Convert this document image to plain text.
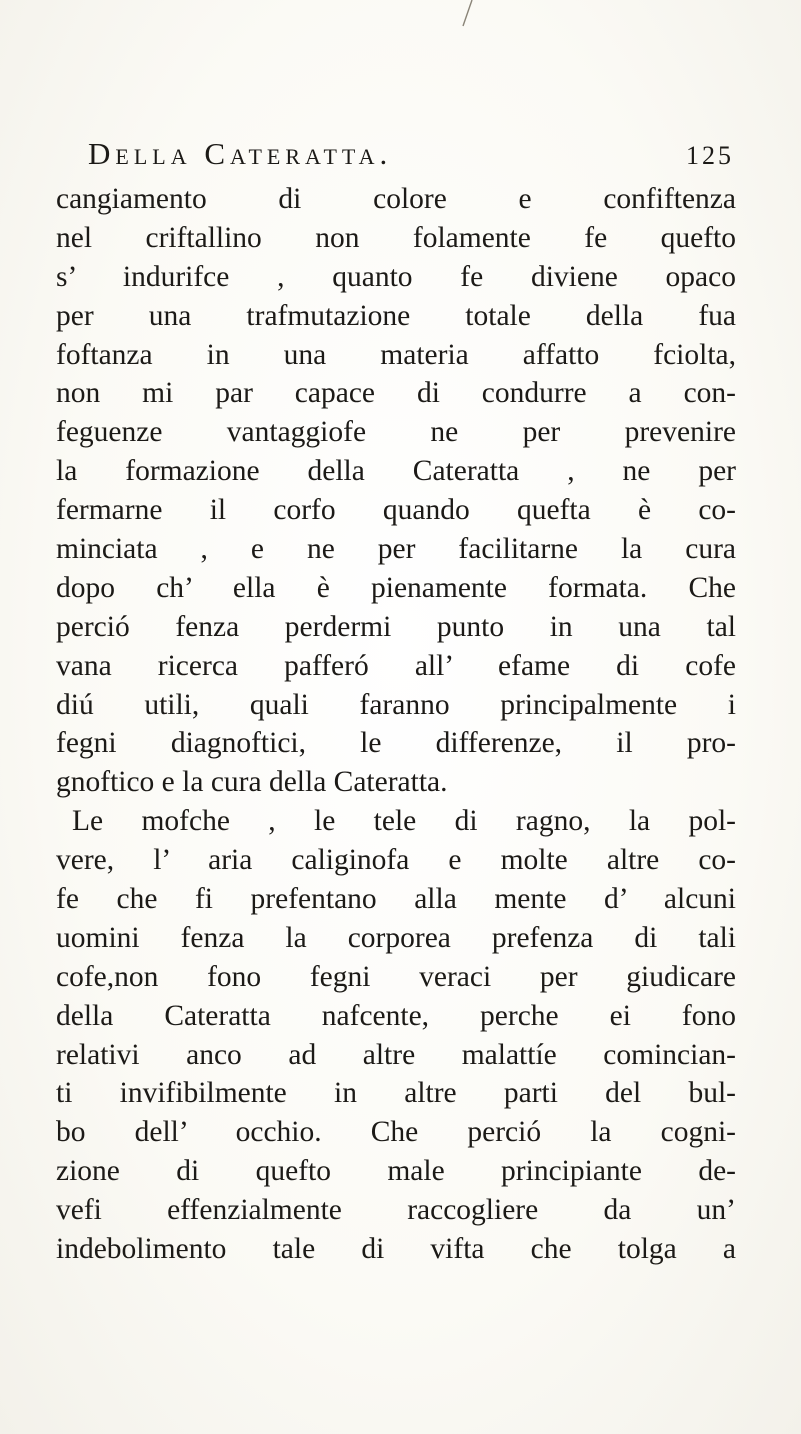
Della Cateratta.	125
cangiamento di colore e confiftenza
nel criftallino non folamente fe quefto
s’ indurifce , quanto fe diviene opaco
per una trafmutazione totale della fua
foftanza in una materia affatto fciolta,
non mi par capace di condurre a con-
feguenze vantaggiofe ne per prevenire
la formazione della Cateratta , ne per
fermarne il corfo quando quefta è co-
minciata , e ne per facilitarne la cura
dopo ch’ ella è pienamente formata. Che
perció fenza perdermi punto in una tal
vana ricerca pafferó all’ efame di cofe
diú utili, quali faranno principalmente i
fegni diagnoftici, le differenze, il pro-
gnoftico e la cura della Cateratta.
Le mofche , le tele di ragno, la pol-
vere, l’ aria caliginofa e molte altre co-
fe che fi prefentano alla mente d’ alcuni
uomini fenza la corporea prefenza di tali
cofe,non fono fegni veraci per giudicare
della Cateratta nafcente, perche ei fono
relativi anco ad altre malattíe comincian-
ti invifibilmente in altre parti del bul-
bo dell’ occhio. Che perció la cogni-
zione di quefto male principiante de-
vefi effenzialmente raccogliere da un’
indebolimento tale di vifta che tolga a
